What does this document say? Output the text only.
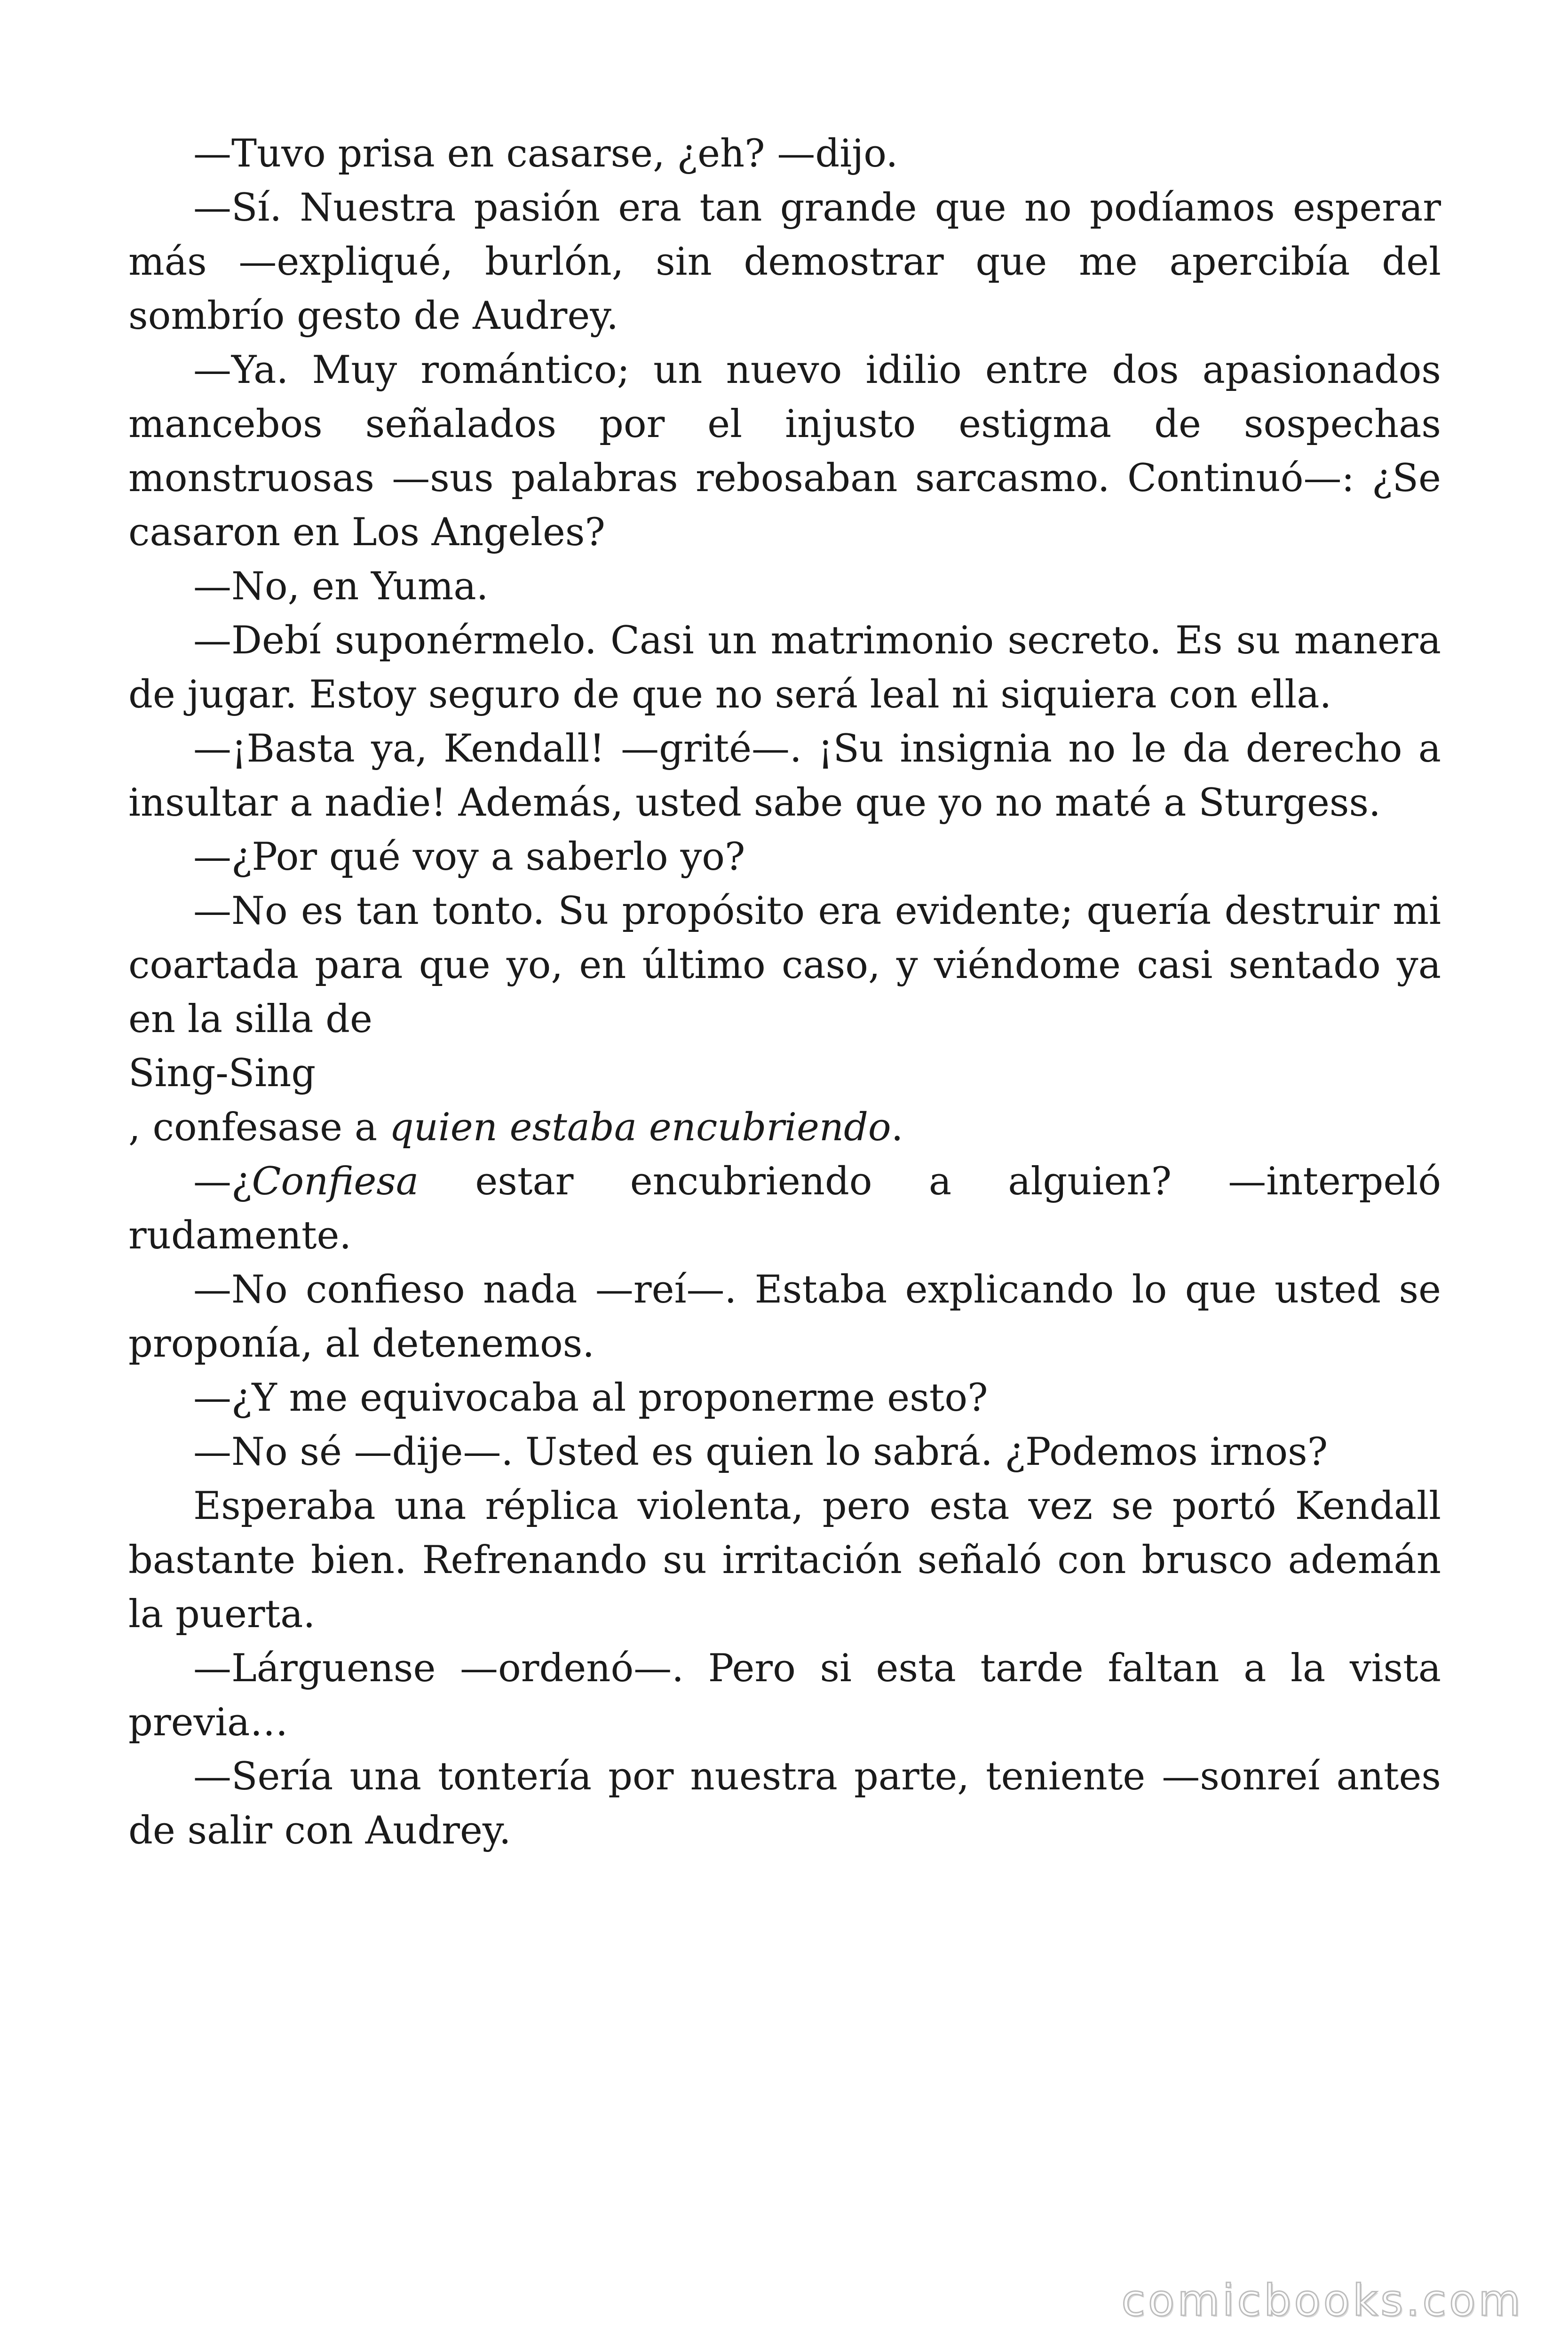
—Tuvo prisa en casarse, ¿eh? —dijo.

—Sí. Nuestra pasión era tan grande que no podíamos esperar más —expliqué, burlón, sin demostrar que me apercibía del sombrío gesto de Audrey.

—Ya. Muy romántico; un nuevo idilio entre dos apasionados mancebos señalados por el injusto estigma de sospechas monstruosas —sus palabras rebosaban sarcasmo. Continuó—: ¿Se casaron en Los Angeles?

—No, en Yuma.

—Debí suponérmelo. Casi un matrimonio secreto. Es su manera de jugar. Estoy seguro de que no será leal ni siquiera con ella.

—¡Basta ya, Kendall! —grité—. ¡Su insignia no le da derecho a insultar a nadie! Además, usted sabe que yo no maté a Sturgess.

—¿Por qué voy a saberlo yo?

—No es tan tonto. Su propósito era evidente; quería destruir mi coartada para que yo, en último caso, y viéndome casi sentado ya en la silla de

Sing-Sing

, confesase a quien estaba encubriendo.

—¿Confiesa estar encubriendo a alguien? —interpeló rudamente.

—No confieso nada —reí—. Estaba explicando lo que usted se proponía, al detenemos.

—¿Y me equivocaba al proponerme esto?

—No sé —dije—. Usted es quien lo sabrá. ¿Podemos irnos?

Esperaba una réplica violenta, pero esta vez se portó Kendall bastante bien. Refrenando su irritación señaló con brusco ademán la puerta.

—Lárguense —ordenó—. Pero si esta tarde faltan a la vista previa…

—Sería una tontería por nuestra parte, teniente —sonreí antes de salir con Audrey.

comicbooks.com
